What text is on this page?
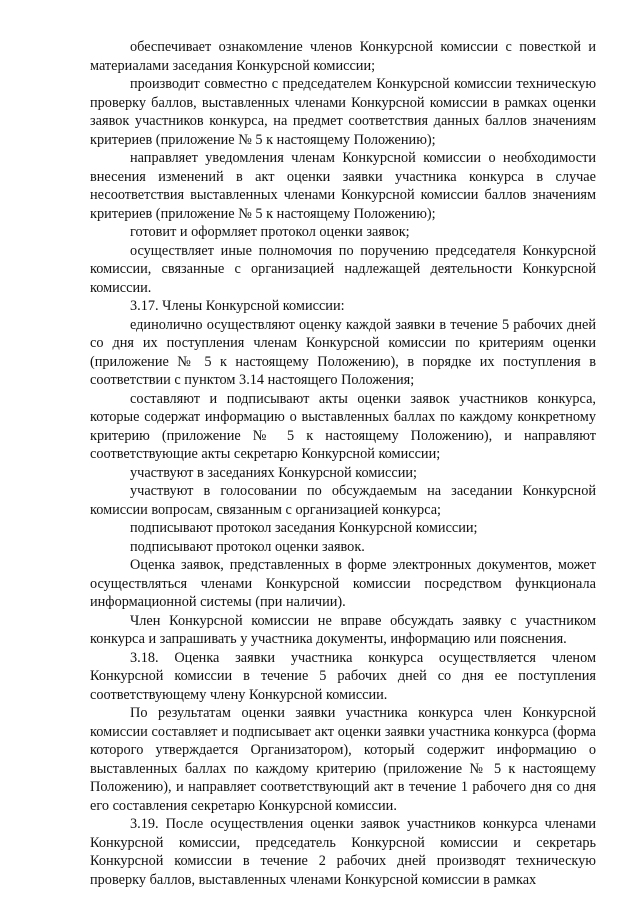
обеспечивает ознакомление членов Конкурсной комиссии с повесткой и материалами заседания Конкурсной комиссии;

производит совместно с председателем Конкурсной комиссии техническую проверку баллов, выставленных членами Конкурсной комиссии в рамках оценки заявок участников конкурса, на предмет соответствия данных баллов значениям критериев (приложение № 5 к настоящему Положению);

направляет уведомления членам Конкурсной комиссии о необходимости внесения изменений в акт оценки заявки участника конкурса в случае несоответствия выставленных членами Конкурсной комиссии баллов значениям критериев (приложение № 5 к настоящему Положению);

готовит и оформляет протокол оценки заявок;

осуществляет иные полномочия по поручению председателя Конкурсной комиссии, связанные с организацией надлежащей деятельности Конкурсной комиссии.

3.17. Члены Конкурсной комиссии:

единолично осуществляют оценку каждой заявки в течение 5 рабочих дней со дня их поступления членам Конкурсной комиссии по критериям оценки (приложение № 5 к настоящему Положению), в порядке их поступления в соответствии с пунктом 3.14 настоящего Положения;

составляют и подписывают акты оценки заявок участников конкурса, которые содержат информацию о выставленных баллах по каждому конкретному критерию (приложение № 5 к настоящему Положению), и направляют соответствующие акты секретарю Конкурсной комиссии;

участвуют в заседаниях Конкурсной комиссии;

участвуют в голосовании по обсуждаемым на заседании Конкурсной комиссии вопросам, связанным с организацией конкурса;

подписывают протокол заседания Конкурсной комиссии;

подписывают протокол оценки заявок.

Оценка заявок, представленных в форме электронных документов, может осуществляться членами Конкурсной комиссии посредством функционала информационной системы (при наличии).

Член Конкурсной комиссии не вправе обсуждать заявку с участником конкурса и запрашивать у участника документы, информацию или пояснения.

3.18. Оценка заявки участника конкурса осуществляется членом Конкурсной комиссии в течение 5 рабочих дней со дня ее поступления соответствующему члену Конкурсной комиссии.

По результатам оценки заявки участника конкурса член Конкурсной комиссии составляет и подписывает акт оценки заявки участника конкурса (форма которого утверждается Организатором), который содержит информацию о выставленных баллах по каждому критерию (приложение № 5 к настоящему Положению), и направляет соответствующий акт в течение 1 рабочего дня со дня его составления секретарю Конкурсной комиссии.

3.19. После осуществления оценки заявок участников конкурса членами Конкурсной комиссии, председатель Конкурсной комиссии и секретарь Конкурсной комиссии в течение 2 рабочих дней производят техническую проверку баллов, выставленных членами Конкурсной комиссии в рамках
